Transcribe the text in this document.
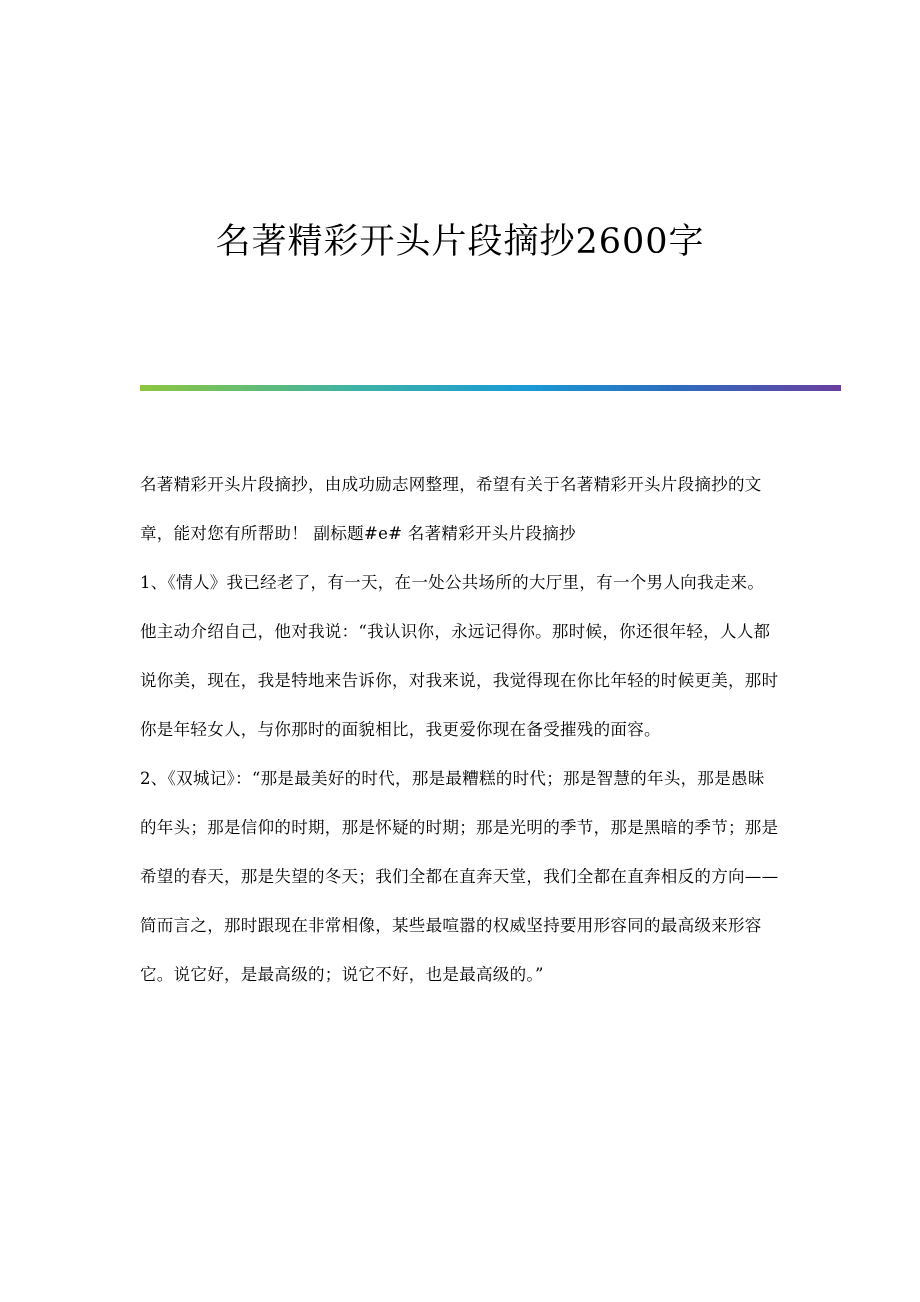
名著精彩开头片段摘抄2600字

名著精彩开头片段摘抄，由成功励志网整理，希望有关于名著精彩开头片段摘抄的文章，能对您有所帮助！ 副标题#e# 名著精彩开头片段摘抄

1、《情人》我已经老了，有一天，在一处公共场所的大厅里，有一个男人向我走来。他主动介绍自己，他对我说：“我认识你，永远记得你。那时候，你还很年轻，人人都说你美，现在，我是特地来告诉你，对我来说，我觉得现在你比年轻的时候更美，那时你是年轻女人，与你那时的面貌相比，我更爱你现在备受摧残的面容。

2、《双城记》：“那是最美好的时代，那是最糟糕的时代；那是智慧的年头，那是愚昧的年头；那是信仰的时期，那是怀疑的时期；那是光明的季节，那是黑暗的季节；那是希望的春天，那是失望的冬天；我们全都在直奔天堂，我们全都在直奔相反的方向——简而言之，那时跟现在非常相像，某些最喧嚣的权威坚持要用形容同的最高级来形容它。说它好，是最高级的；说它不好，也是最高级的。”
